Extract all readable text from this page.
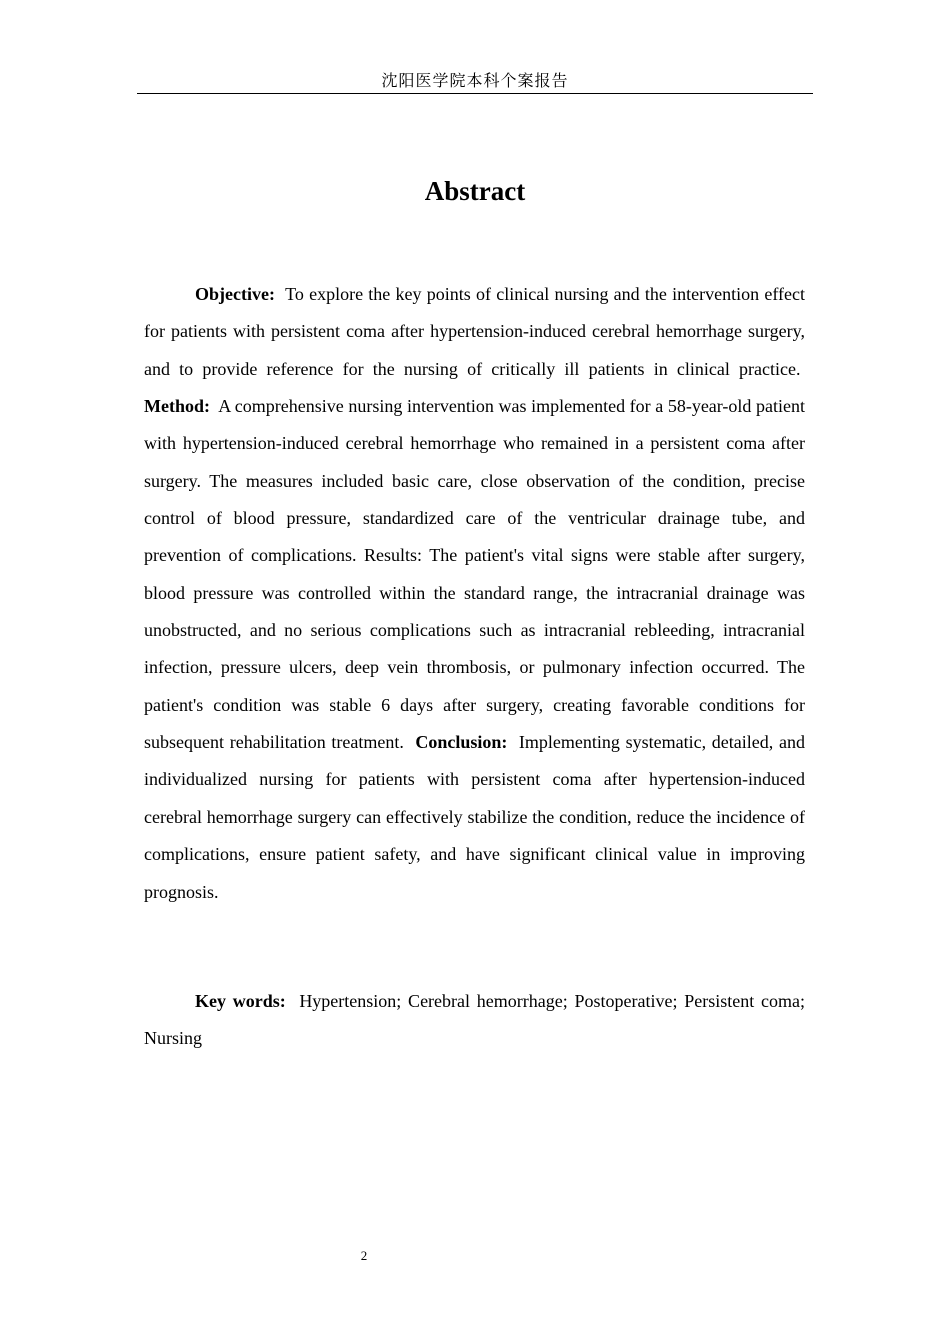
沈阳医学院本科个案报告
Abstract

Objective: To explore the key points of clinical nursing and the intervention effect for patients with persistent coma after hypertension-induced cerebral hemorrhage surgery, and to provide reference for the nursing of critically ill patients in clinical practice.  Method: A comprehensive nursing intervention was implemented for a 58-year-old patient with hypertension-induced cerebral hemorrhage who remained in a persistent coma after surgery. The measures included basic care, close observation of the condition, precise control of blood pressure, standardized care of the ventricular drainage tube, and prevention of complications. Results: The patient's vital signs were stable after surgery, blood pressure was controlled within the standard range, the intracranial drainage was unobstructed, and no serious complications such as intracranial rebleeding, intracranial infection, pressure ulcers, deep vein thrombosis, or pulmonary infection occurred. The patient's condition was stable 6 days after surgery, creating favorable conditions for subsequent rehabilitation treatment. Conclusion: Implementing systematic, detailed, and individualized nursing for patients with persistent coma after hypertension-induced cerebral hemorrhage surgery can effectively stabilize the condition, reduce the incidence of complications, ensure patient safety, and have significant clinical value in improving prognosis.

Key words: Hypertension; Cerebral hemorrhage; Postoperative; Persistent coma; Nursing

2
